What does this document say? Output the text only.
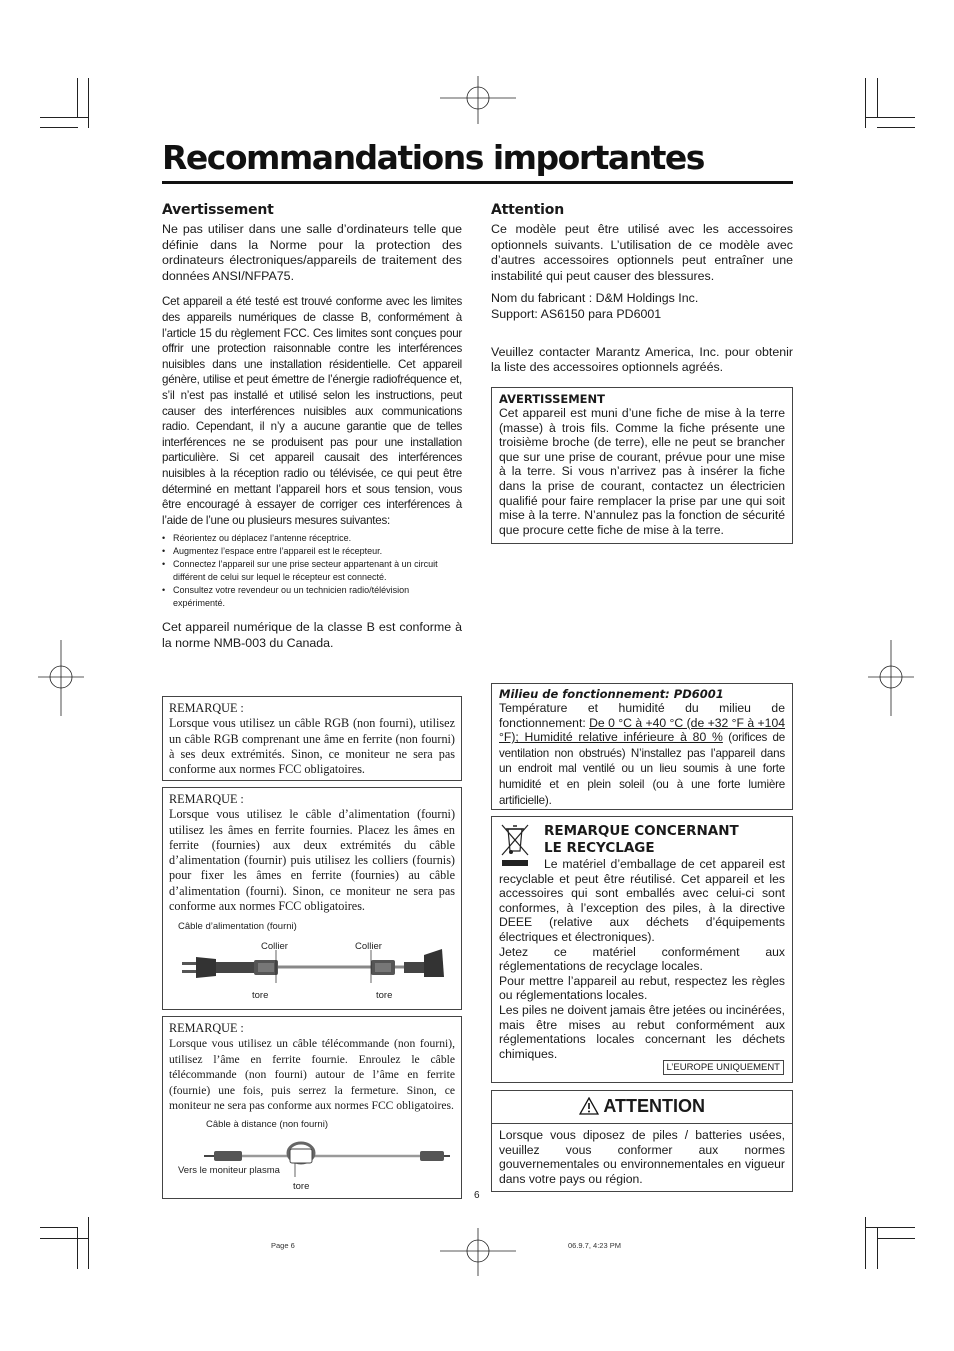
Recommandations importantes
Avertissement

Ne pas utiliser dans une salle d’ordinateurs telle que définie dans la Norme pour la protection des ordinateurs électroniques/appareils de traitement des données ANSI/NFPA75.

Cet appareil a été testé est trouvé conforme avec les limites des appareils numériques de classe B, conformément à l’article 15 du règlement FCC. Ces limites sont conçues pour offrir une protection raisonnable contre les interférences nuisibles dans une installation résidentielle. Cet appareil génère, utilise et peut émettre de l’énergie radiofréquence et, s’il n’est pas installé et utilisé selon les instructions, peut causer des interférences nuisibles aux communications radio. Cependant, il n’y a aucune garantie que de telles interférences ne se produisent pas pour une installation particulière. Si cet appareil causait des interférences nuisibles à la réception radio ou télévisée, ce qui peut être déterminé en mettant l’appareil hors et sous tension, vous être encouragé à essayer de corriger ces interférences à l’aide de l’une ou plusieurs mesures suivantes:

• Réorientez ou déplacez l’antenne réceptrice.
• Augmentez l’espace entre l’appareil est le récepteur.
• Connectez l’appareil sur une prise secteur appartenant à un circuit différent de celui sur lequel le récepteur est connecté.
• Consultez votre revendeur ou un technicien radio/télévision expérimenté.

Cet appareil numérique de la classe B est conforme à la norme NMB-003 du Canada.

Attention

Ce modèle peut être utilisé avec les accessoires optionnels suivants. L’utilisation de ce modèle avec d’autres accessoires optionnels peut entraîner une instabilité qui peut causer des blessures.

Nom du fabricant : D&M Holdings Inc.

Support: AS6150 para PD6001

Veuillez contacter Marantz America, Inc. pour obtenir la liste des accessoires optionnels agréés.

AVERTISSEMENT

Cet appareil est muni d’une fiche de mise à la terre (masse) à trois fils. Comme la fiche présente une troisième broche (de terre), elle ne peut se brancher que sur une prise de courant, prévue pour une mise à la terre. Si vous n’arrivez pas à insérer la fiche dans la prise de courant, contactez un électricien qualifié pour faire remplacer la prise par une qui soit mise à la terre. N’annulez pas la fonction de sécurité que procure cette fiche de mise à la terre.

REMARQUE :
Lorsque vous utilisez un câble RGB (non fourni), utilisez un câble RGB comprenant une âme en ferrite (non fourni) à ses deux extrémités. Sinon, ce moniteur ne sera pas conforme aux normes FCC obligatoires.
REMARQUE :
Lorsque vous utilisez le câble d’alimentation (fourni) utilisez les âmes en ferrite fournies. Placez les âmes en ferrite (fournies) aux deux extrémités du câble d’alimentation (fournir) puis utilisez les colliers (fournis) pour fixer les âmes en ferrite (fournies) au câble d’alimentation (fourni). Sinon, ce moniteur ne sera pas conforme aux normes FCC obligatoires.
Câble d’alimentation (fourni)
Collier	Collier
tore	tore
REMARQUE :
Lorsque vous utilisez un câble télécommande (non fourni), utilisez l’âme en ferrite fournie. Enroulez le câble télécommande (non fourni) autour de l’âme en ferrite (fournie) une fois, puis serrez la fermeture. Sinon, ce moniteur ne sera pas conforme aux normes FCC obligatoires.
Câble à distance (non fourni)
Vers le moniteur plasma
tore
Milieu de fonctionnement: PD6001

Température et humidité du milieu de fonctionnement: De 0 °C à +40 °C (de +32 °F à +104 °F); Humidité relative inférieure à 80 % (orifices de ventilation non obstrués) N’installez pas l’appareil dans un endroit mal ventilé ou un lieu soumis à une forte humidité et en plein soleil (ou à une forte lumière artificielle).

REMARQUE CONCERNANT
LE RECYCLAGE

Le matériel d’emballage de cet appareil est recyclable et peut être réutilisé. Cet appareil et les accessoires qui sont emballés avec celui-ci sont conformes, à l’exception des piles, à la directive DEEE (relative aux déchets d’équipements électriques et électroniques).

Jetez ce matériel conformément aux réglementations de recyclage locales.

Pour mettre l’appareil au rebut, respectez les règles ou réglementations locales.

Les piles ne doivent jamais être jetées ou incinérées, mais être mises au rebut conformément aux réglementations locales concernant les déchets chimiques.

L’EUROPE UNIQUEMENT
ATTENTION

Lorsque vous diposez de piles / batteries usées, veuillez vous conformer aux normes gouvernementales ou environnementales en vigueur dans votre pays ou région.

6
Page 6	06.9.7, 4:23 PM
